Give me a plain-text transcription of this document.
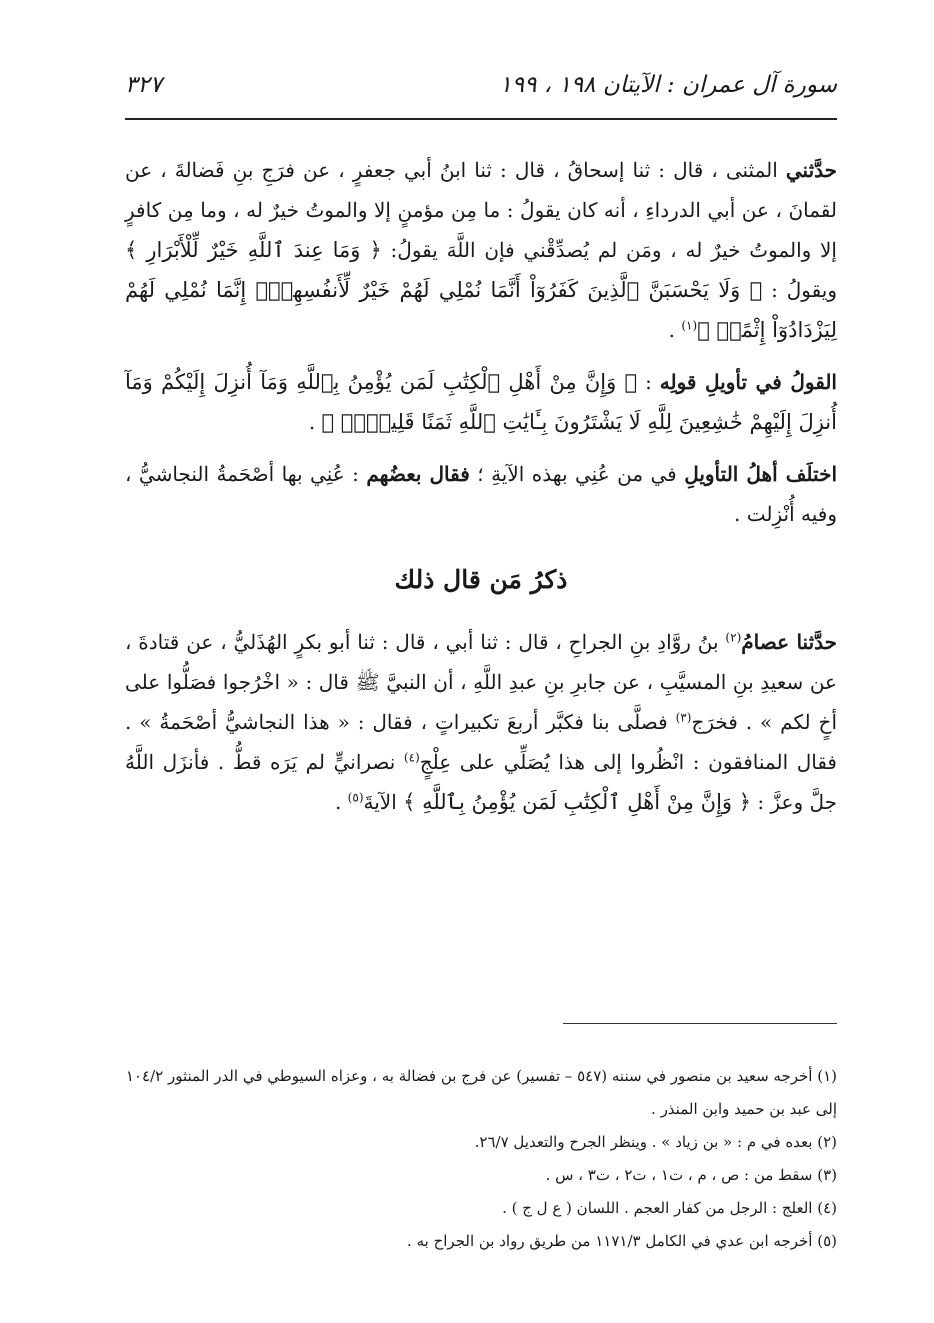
سورة آل عمران : الآيتان ١٩٨ ، ١٩٩
٣٢٧

حدَّثني المثنى ، قال : ثنا إسحاقُ ، قال : ثنا ابنُ أبي جعفرٍ ، عن فرَجِ بنِ فَضالةَ ، عن لقمانَ ، عن أبي الدرداءِ ، أنه كان يقولُ : ما مِن مؤمنٍ إلا والموتُ خيرٌ له ، وما مِن كافرٍ إلا والموتُ خيرٌ له ، ومَن لم يُصدِّقْني فإن اللَّهَ يقولُ: ﴿ وَمَا عِندَ ٱللَّهِ خَيْرٌ لِّلْأَبْرَارِ ﴾ ويقولُ : ﴿ وَلَا يَحْسَبَنَّ ٱلَّذِينَ كَفَرُوٓاْ أَنَّمَا نُمْلِي لَهُمْ خَيْرٌ لِّأَنفُسِهِمْۚ إِنَّمَا نُمْلِي لَهُمْ لِيَزْدَادُوٓاْ إِثْمًاۚ ﴾$^{(١)}$ .

القولُ في تأويلِ قولِه : ﴿ وَإِنَّ مِنْ أَهْلِ ٱلْكِتَٰبِ لَمَن يُؤْمِنُ بِٱللَّهِ وَمَآ أُنزِلَ إِلَيْكُمْ وَمَآ أُنزِلَ إِلَيْهِمْ خَٰشِعِينَ لِلَّهِ لَا يَشْتَرُونَ بِـَٔايَٰتِ ٱللَّهِ ثَمَنًا قَلِيلًاۚ ﴾ .

اختلَف أهلُ التأويلِ في من عُنِي بهذه الآيةِ ؛ فقال بعضُهم : عُنِي بها أصْحَمةُ النجاشيُّ ، وفيه أُنْزِلت .

ذكرُ مَن قال ذلك

حدَّثنا عصامُ$^{(٢)}$ بنُ روَّادِ بنِ الجراحِ ، قال : ثنا أبي ، قال : ثنا أبو بكرٍ الهُذَليُّ ، عن قتادةَ ، عن سعيدِ بنِ المسيَّبِ ، عن جابرِ بنِ عبدِ اللَّهِ ، أن النبيَّ ﷺ قال : « اخْرُجوا فصَلُّوا على أخٍ لكم » . فخرَج$^{(٣)}$ فصلَّى بنا فكبَّر أربعَ تكبيراتٍ ، فقال : « هذا النجاشيُّ أصْحَمةُ » . فقال المنافقون : انْظُروا إلى هذا يُصَلِّي على عِلْجٍ$^{(٤)}$ نصرانيٍّ لم يَرَه قطُّ . فأنزَل اللَّهُ جلَّ وعزَّ : ﴿ وَإِنَّ مِنْ أَهْلِ ٱلْكِتَٰبِ لَمَن يُؤْمِنُ بِٱللَّهِ ﴾ الآيةَ$^{(٥)}$ .

(١) أخرجه سعيد بن منصور في سننه (٥٤٧ – تفسير) عن فرج بن فضالة به ، وعزاه السيوطي في الدر المنثور ١٠٤/٢ إلى عبد بن حميد وابن المنذر .

(٢) بعده في م : « بن زياد » . وينظر الجرح والتعديل ٢٦/٧.

(٣) سقط من : ص ، م ، ت١ ، ت٢ ، ت٣ ، س .

(٤) العلج : الرجل من كفار العجم . اللسان ( ع ل ج ) .

(٥) أخرجه ابن عدي في الكامل ١١٧١/٣ من طريق رواد بن الجراح به .
